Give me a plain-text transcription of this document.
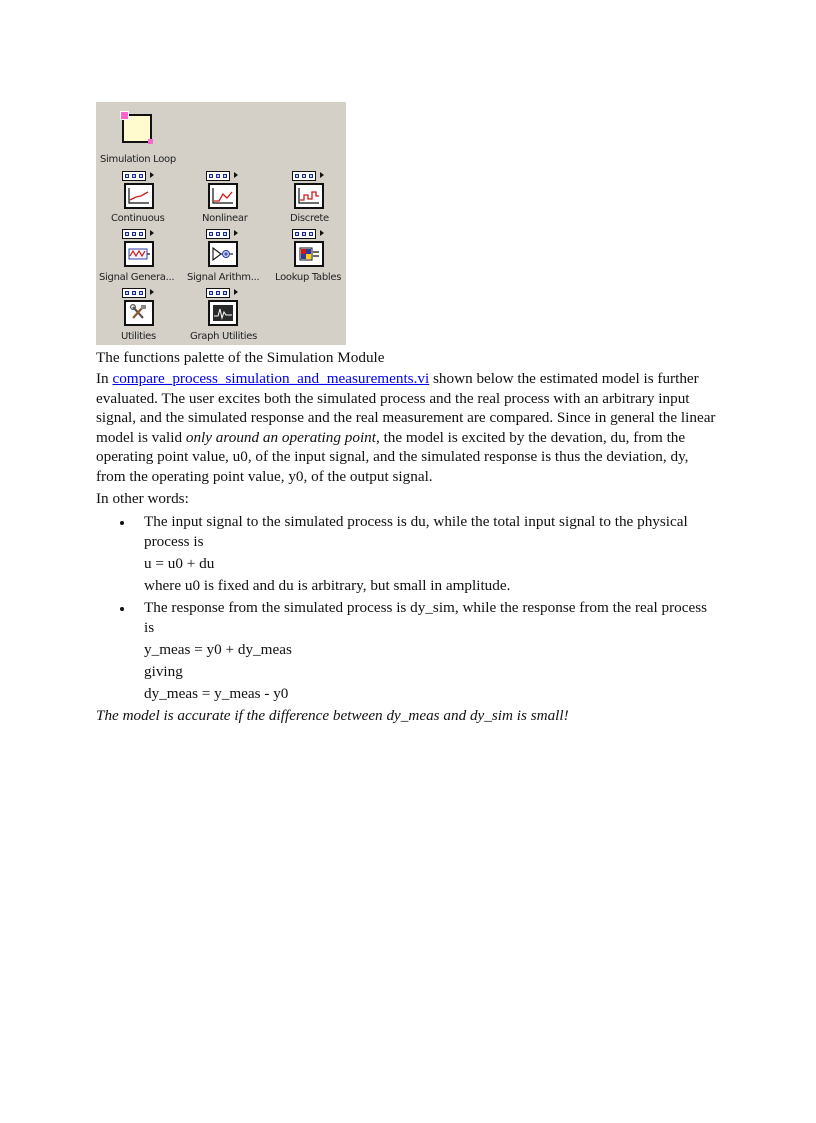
Simulation Loop
Continuous	Nonlinear	Discrete
Signal Genera... Signal Arithm... Lookup Tables
Utilities	Graph Utilities
The functions palette of the Simulation Module

In compare_process_simulation_and_measurements.vi shown below the estimated model is further evaluated. The user excites both the simulated process and the real process with an arbitrary input signal, and the simulated response and the real measurement are compared. Since in general the linear model is valid only around an operating point, the model is excited by the devation, du, from the operating point value, u0, of the input signal, and the simulated response is thus the deviation, dy, from the operating point value, y0, of the output signal.

In other words:
The input signal to the simulated process is du, while the total input signal to the physical process is
u = u0 + du
where u0 is fixed and du is arbitrary, but small in amplitude.
The response from the simulated process is dy_sim, while the response from the real process is
y_meas = y0 + dy_meas
giving
dy_meas = y_meas - y0
The model is accurate if the difference between dy_meas and dy_sim is small!
